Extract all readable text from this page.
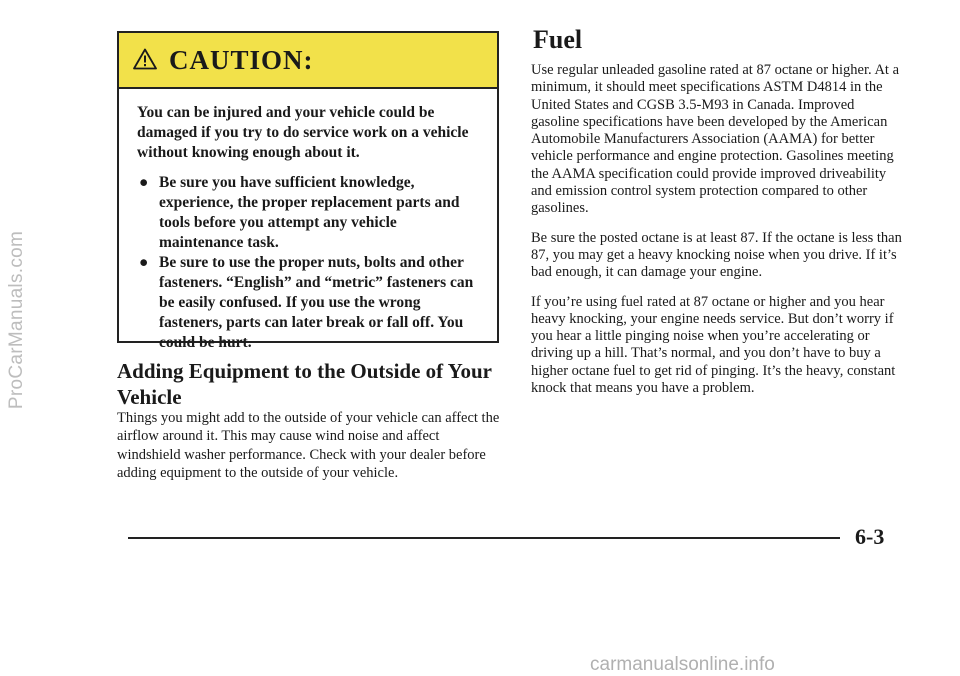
ProCarManuals.com
CAUTION:

You can be injured and your vehicle could be damaged if you try to do service work on a vehicle without knowing enough about it.

● Be sure you have sufficient knowledge, experience, the proper replacement parts and tools before you attempt any vehicle maintenance task.
● Be sure to use the proper nuts, bolts and other fasteners. “English” and “metric” fasteners can be easily confused. If you use the wrong fasteners, parts can later break or fall off. You could be hurt.
Adding Equipment to the Outside of Your Vehicle

Things you might add to the outside of your vehicle can affect the airflow around it. This may cause wind noise and affect windshield washer performance. Check with your dealer before adding equipment to the outside of your vehicle.

Fuel

Use regular unleaded gasoline rated at 87 octane or higher. At a minimum, it should meet specifications ASTM D4814 in the United States and CGSB 3.5-M93 in Canada. Improved gasoline specifications have been developed by the American Automobile Manufacturers Association (AAMA) for better vehicle performance and engine protection. Gasolines meeting the AAMA specification could provide improved driveability and emission control system protection compared to other gasolines.

Be sure the posted octane is at least 87. If the octane is less than 87, you may get a heavy knocking noise when you drive. If it’s bad enough, it can damage your engine.

If you’re using fuel rated at 87 octane or higher and you hear heavy knocking, your engine needs service. But don’t worry if you hear a little pinging noise when you’re accelerating or driving up a hill. That’s normal, and you don’t have to buy a higher octane fuel to get rid of pinging. It’s the heavy, constant knock that means you have a problem.

6-3
carmanualsonline.info
